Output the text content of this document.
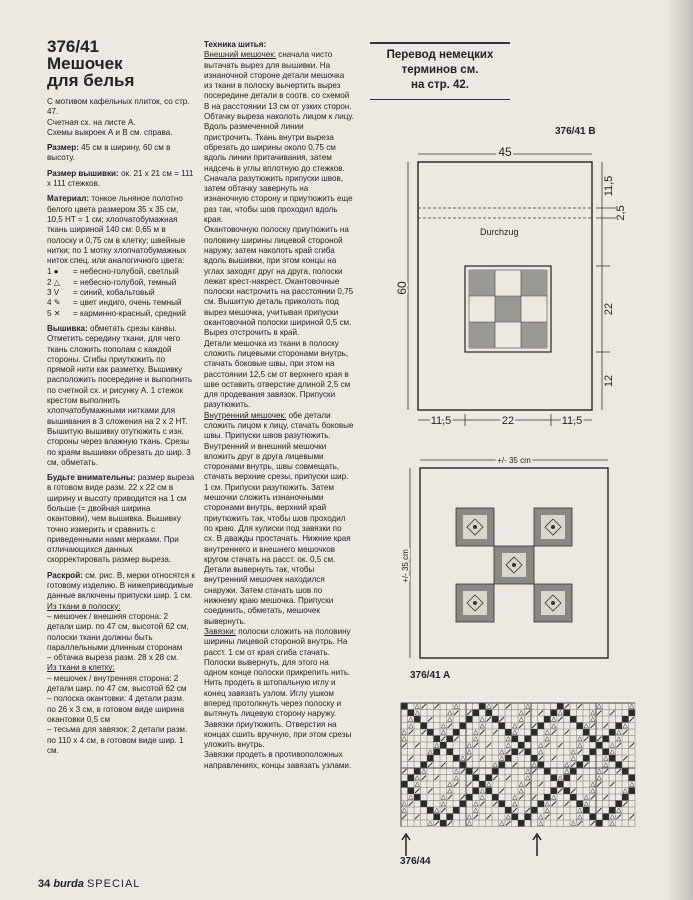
376/41
Мешочек
для белья

С мотивом кафельных плиток, со стр. 47.
Счетная сх. на листе А.
Схемы выкроек А и В см. справа.

Размер: 45 см в ширину, 60 см в высоту.

Размер вышивки: ок. 21 х 21 см = 111 х 111 стежков.

Материал: тонкое льняное полотно белого цвета размером 35 х 35 см, 10,5 НТ = 1 см; хлопчатобумажная ткань шириной 140 см: 0,65 м в полоску и 0,75 см в клетку; швейные нитки; по 1 мотку хлопчатобумажных ниток спец. или аналогичного цвета:

1 ●	= небесно-голубой, светлый
2 △	= небесно-голубой, темный
3 V	= синий, кобальтовый
4 ✎	= цвет индиго, очень темный
5 ✕	= карминно-красный, средний

Вышивка: обметать срезы канвы. Отметить середину ткани, для чего ткань сложить пополам с каждой стороны. Сгибы приутюжить по прямой нити как разметку. Вышивку расположить посередине и выполнить по счетной сх. и рисунку А. 1 стежок крестом выполнить хлопчатобумажными нитками для вышивания в 3 сложения на 2 х 2 НТ. Вышитую вышивку отутюжить с изн. стороны через влажную ткань. Срезы по краям вышивки обрезать до шир. 3 см, обметать.

Будьте внимательны: размер выреза в готовом виде разм. 22 х 22 см в ширину и высоту приводится на 1 см больше (= двойная ширина окантовки), чем вышивка. Вышивку точно измерить и сравнить с приведенными нами мерками. При отличающихся данных скорректировать размер выреза.

Раскрой: см. рис. В, мерки относятся к готовому изделию. В нижеприводимые данные включены припуски шир. 1 см.

Из ткани в полоску:
– мешочек / внешняя сторона: 2 детали шир. по 47 см, высотой 62 см, полоски ткани должны быть параллельными длинным сторонам
– обтачка выреза разм. 28 х 28 см.
Из ткани в клетку:
– мешочек / внутренняя сторона: 2 детали шир. по 47 см, высотой 62 см
– полоска окантовки: 4 детали разм. по 26 х 3 см, в готовом виде ширина окантовки 0,5 см
– тесьма для завязок: 2 детали разм. по 110 х 4 см, в готовом виде шир. 1 см.
Техника шитья:

Внешний мешочек: сначала чисто вытачать вырез для вышивки. На изнаночной стороне детали мешочка из ткани в полоску вычертить вырез посередине детали в соотв. со схемой В на расстоянии 13 см от узких сторон. Обтачку выреза наколоть лицом к лицу. Вдоль размеченной линии пристрочить. Ткань внутри выреза обрезать до ширины около 0,75 см вдоль линии притачивания, затем надсечь в углы вплотную до стежков. Сначала разутюжить припуски швов, затем обтачку завернуть на изнаночную сторону и приутюжить еще раз так, чтобы шов проходил вдоль края.

Окантовочную полоску приутюжить на половину ширины лицевой стороной наружу, затем наколоть край сгиба вдоль вышивки, при этом концы на углах заходят друг на друга, полоски лежат крест-накрест. Окантовочные полоски настрочить на расстоянии 0,75 см. Вышитую деталь приколоть под вырез мешочка, учитывая припуски окантовочной полоски шириной 0,5 см. Вырез отстрочить в край.

Детали мешочка из ткани в полоску сложить лицевыми сторонами внутрь, стачать боковые швы, при этом на расстоянии 12,5 см от верхнего края в шве оставить отверстие длиной 2,5 см для продевания завязок. Припуски разутюжить.

Внутренний мешочек: обе детали сложить лицом к лицу, стачать боковые швы. Припуски швов разутюжить.

Внутренний и внешний мешочки вложить друг в друга лицевыми сторонами внутрь, швы совмещать, стачать верхние срезы, припуски шир. 1 см. Припуски разутюжить. Затем мешочки сложить изнаночными сторонами внутрь, верхний край приутюжить так, чтобы шов проходил по краю. Для кулиски под завязки по сх. В дважды простачать. Нижние края внутреннего и внешнего мешочков кругом стачать на расст. ок. 0,5 см. Детали вывернуть так, чтобы внутренний мешочек находился снаружи. Затем стачать шов по нижнему краю мешочка. Припуски соединить, обметать, мешочек вывернуть.

Завязки: полоски сложить на половину ширины лицевой стороной внутрь. На расст. 1 см от края сгиба стачать. Полоски вывернуть, для этого на одном конце полоски прикрепить нить. Нить продеть в штопальную иглу и конец завязать узлом. Иглу ушком вперед протолкнуть через полоску и вытянуть лицевую сторону наружу. Завязки приутюжить. Отверстия на концах сшить вручную, при этом срезы уложить внутрь.

Завязки продеть в противоположных направлениях, концы завязать узлами.

Перевод немецких
терминов см.
на стр. 42.
376/41 B
45
Durchzug
60
11,5
2,5
22
12
11,5	22	11,5
+/- 35 cm
+/- 35 cm
376/41 A
376/44
34 burda SPECIAL
